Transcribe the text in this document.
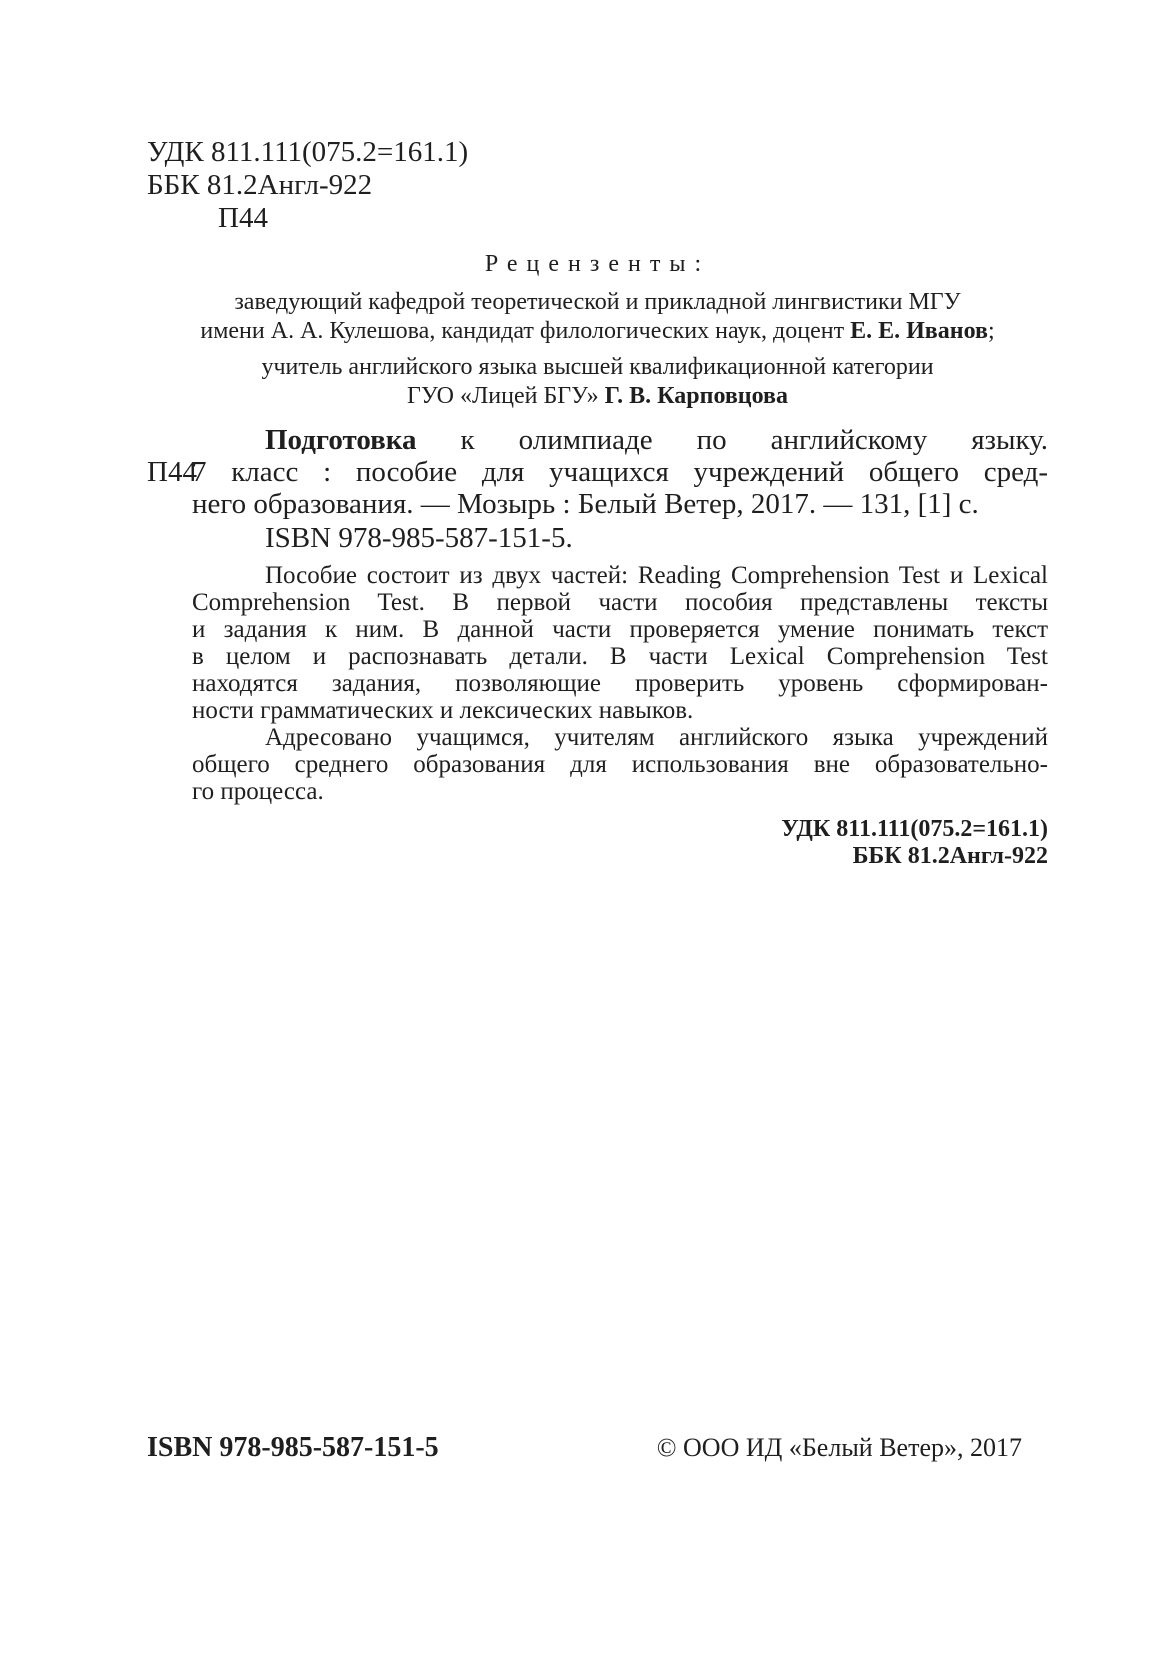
УДК 811.111(075.2=161.1)
ББК 81.2Англ-922
П44
Рецензенты:
заведующий кафедрой теоретической и прикладной лингвистики МГУ
имени А. А. Кулешова, кандидат филологических наук, доцент Е. Е. Иванов;
учитель английского языка высшей квалификационной категории
ГУО «Лицей БГУ» Г. В. Карповцова
П44
Подготовка к олимпиаде по английскому языку.
7 класс : пособие для учащихся учреждений общего сред-
него образования. — Мозырь : Белый Ветер, 2017. — 131, [1] с.
ISBN 978-985-587-151-5.
Пособие состоит из двух частей: Reading Comprehension Test и Lexical
Comprehension Test. В первой части пособия представлены тексты
и задания к ним. В данной части проверяется умение понимать текст
в целом и распознавать детали. В части Lexical Comprehension Test
находятся задания, позволяющие проверить уровень сформирован-
ности грамматических и лексических навыков.
Адресовано учащимся, учителям английского языка учреждений
общего среднего образования для использования вне образовательно-
го процесса.
УДК 811.111(075.2=161.1)
ББК 81.2Англ-922
ISBN 978-985-587-151-5	© ООО ИД «Белый Ветер», 2017
